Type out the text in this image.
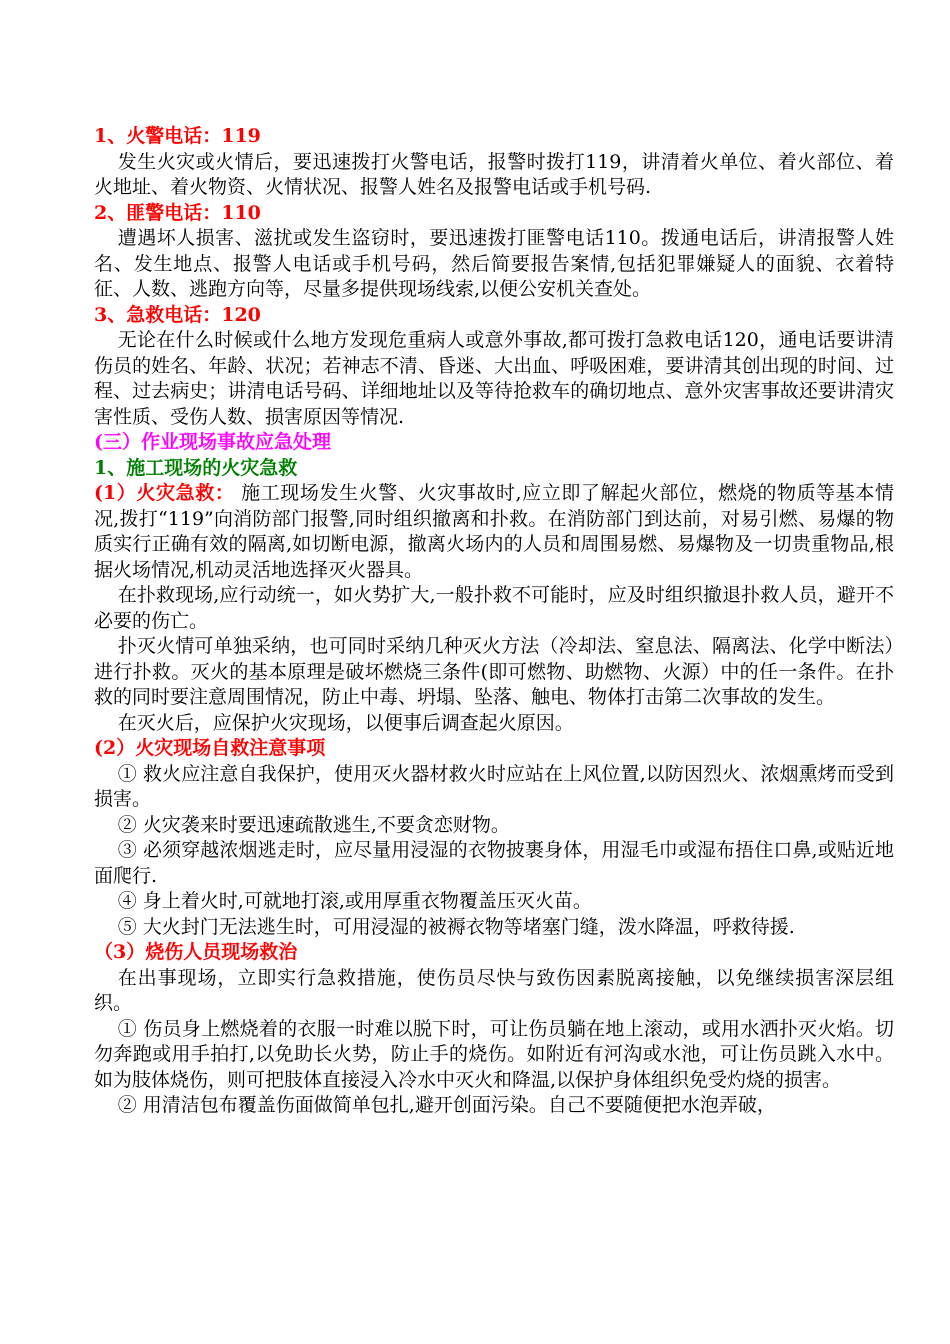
1、火警电话：119

发生火灾或火情后，要迅速拨打火警电话，报警时拨打119，讲清着火单位、着火部位、着火地址、着火物资、火情状况、报警人姓名及报警电话或手机号码.

2、匪警电话：110

遭遇坏人损害、滋扰或发生盗窃时，要迅速拨打匪警电话110。拨通电话后，讲清报警人姓名、发生地点、报警人电话或手机号码，然后简要报告案情,包括犯罪嫌疑人的面貌、衣着特征、人数、逃跑方向等，尽量多提供现场线索,以便公安机关查处。

3、急救电话：120

无论在什么时候或什么地方发现危重病人或意外事故,都可拨打急救电话120，通电话要讲清伤员的姓名、年龄、状况；若神志不清、昏迷、大出血、呼吸困难，要讲清其创出现的时间、过程、过去病史；讲清电话号码、详细地址以及等待抢救车的确切地点、意外灾害事故还要讲清灾害性质、受伤人数、损害原因等情况.

(三）作业现场事故应急处理

1、施工现场的火灾急救

(1）火灾急救： 施工现场发生火警、火灾事故时,应立即了解起火部位，燃烧的物质等基本情况,拨打“119”向消防部门报警,同时组织撤离和扑救。在消防部门到达前，对易引燃、易爆的物质实行正确有效的隔离,如切断电源，撤离火场内的人员和周围易燃、易爆物及一切贵重物品,根据火场情况,机动灵活地选择灭火器具。

在扑救现场,应行动统一，如火势扩大,一般扑救不可能时，应及时组织撤退扑救人员，避开不必要的伤亡。

扑灭火情可单独采纳，也可同时采纳几种灭火方法（冷却法、窒息法、隔离法、化学中断法）进行扑救。灭火的基本原理是破坏燃烧三条件(即可燃物、助燃物、火源）中的任一条件。在扑救的同时要注意周围情况，防止中毒、坍塌、坠落、触电、物体打击第二次事故的发生。

在灭火后，应保护火灾现场，以便事后调查起火原因。

(2）火灾现场自救注意事项

① 救火应注意自我保护，使用灭火器材救火时应站在上风位置,以防因烈火、浓烟熏烤而受到损害。

② 火灾袭来时要迅速疏散逃生,不要贪恋财物。

③ 必须穿越浓烟逃走时，应尽量用浸湿的衣物披裹身体，用湿毛巾或湿布捂住口鼻,或贴近地面爬行.

④ 身上着火时,可就地打滚,或用厚重衣物覆盖压灭火苗。

⑤ 大火封门无法逃生时，可用浸湿的被褥衣物等堵塞门缝，泼水降温，呼救待援.

（3）烧伤人员现场救治

在出事现场，立即实行急救措施，使伤员尽快与致伤因素脱离接触，以免继续损害深层组织。

① 伤员身上燃烧着的衣服一时难以脱下时，可让伤员躺在地上滚动，或用水洒扑灭火焰。切勿奔跑或用手拍打,以免助长火势，防止手的烧伤。如附近有河沟或水池，可让伤员跳入水中。如为肢体烧伤，则可把肢体直接浸入冷水中灭火和降温,以保护身体组织免受灼烧的损害。

② 用清洁包布覆盖伤面做简单包扎,避开创面污染。自己不要随便把水泡弄破，
